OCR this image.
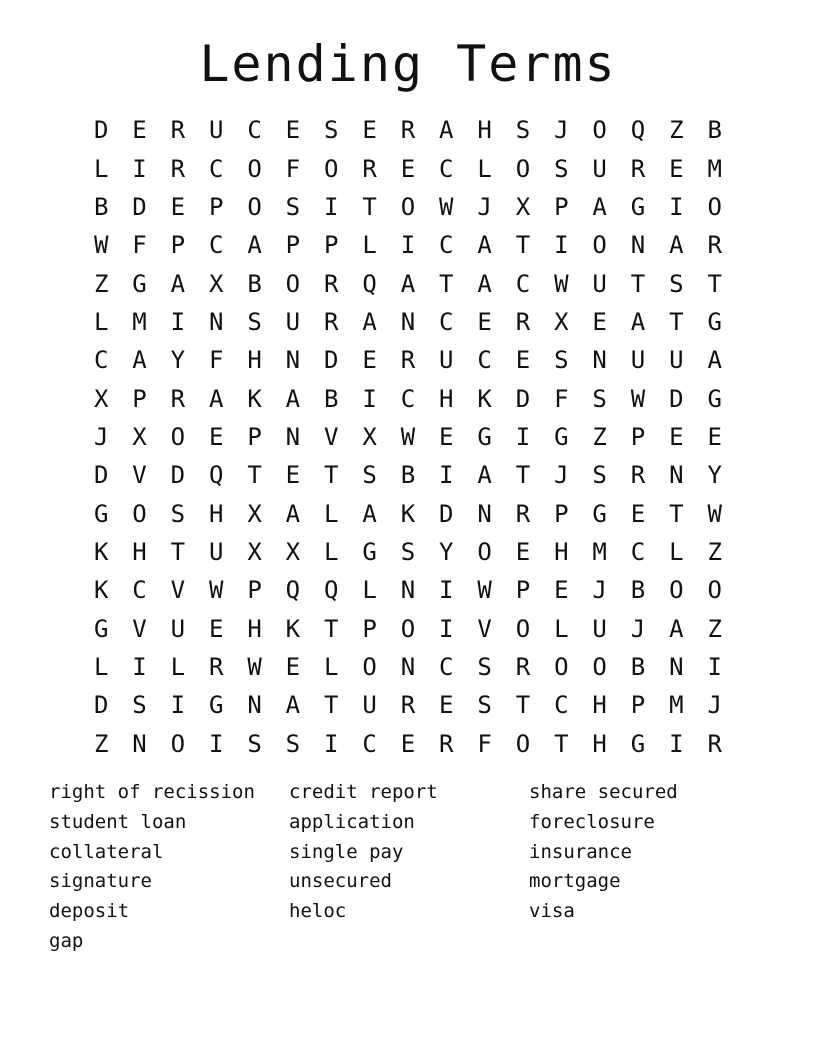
Lending Terms
D E R U C E S E R A H S J O Q Z B
L I R C O F O R E C L O S U R E M
B D E P O S I T O W J X P A G I O
W F P C A P P L I C A T I O N A R
Z G A X B O R Q A T A C W U T S T
L M I N S U R A N C E R X E A T G
C A Y F H N D E R U C E S N U U A
X P R A K A B I C H K D F S W D G
J X O E P N V X W E G I G Z P E E
D V D Q T E T S B I A T J S R N Y
G O S H X A L A K D N R P G E T W
K H T U X X L G S Y O E H M C L Z
K C V W P Q Q L N I W P E J B O O
G V U E H K T P O I V O L U J A Z
L I L R W E L O N C S R O O B N I
D S I G N A T U R E S T C H P M J
Z N O I S S I C E R F O T H G I R
right of recission	credit report	share secured
student loan	application	foreclosure
collateral	single pay	insurance
signature	unsecured	mortgage
deposit	heloc	visa
gap
